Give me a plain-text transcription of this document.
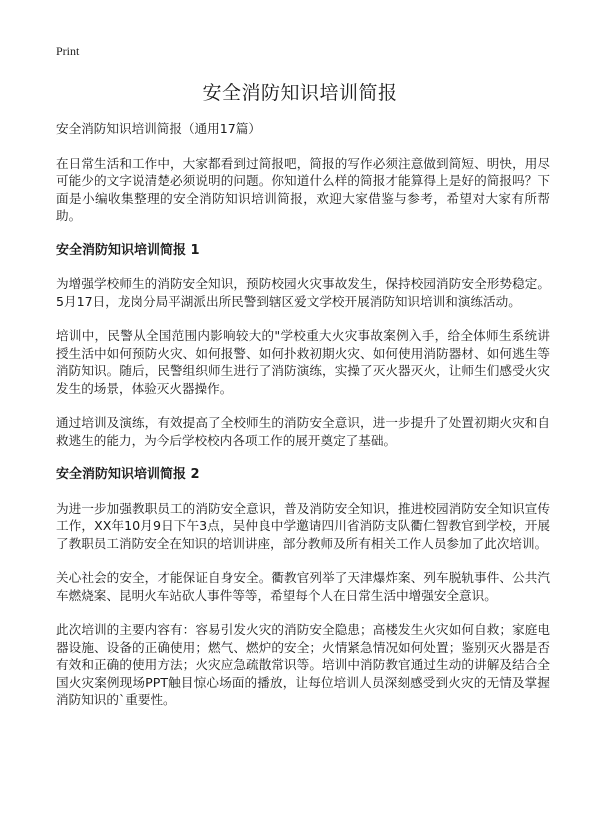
Print
安全消防知识培训简报

安全消防知识培训简报（通用17篇）

在日常生活和工作中，大家都看到过简报吧，简报的写作必须注意做到简短、明快，用尽可能少的文字说清楚必须说明的问题。你知道什么样的简报才能算得上是好的简报吗？下面是小编收集整理的安全消防知识培训简报，欢迎大家借鉴与参考，希望对大家有所帮助。

安全消防知识培训简报 1

为增强学校师生的消防安全知识，预防校园火灾事故发生，保持校园消防安全形势稳定。5月17日，龙岗分局平湖派出所民警到辖区爱文学校开展消防知识培训和演练活动。

培训中，民警从全国范围内影响较大的"学校重大火灾事故案例入手，给全体师生系统讲授生活中如何预防火灾、如何报警、如何扑救初期火灾、如何使用消防器材、如何逃生等消防知识。随后，民警组织师生进行了消防演练，实操了灭火器灭火，让师生们感受火灾发生的场景，体验灭火器操作。

通过培训及演练，有效提高了全校师生的消防安全意识，进一步提升了处置初期火灾和自救逃生的能力，为今后学校校内各项工作的展开奠定了基础。

安全消防知识培训简报 2

为进一步加强教职员工的消防安全意识，普及消防安全知识，推进校园消防安全知识宣传工作，XX年10月9日下午3点，吴仲良中学邀请四川省消防支队衢仁智教官到学校，开展了教职员工消防安全在知识的培训讲座，部分教师及所有相关工作人员参加了此次培训。

关心社会的安全，才能保证自身安全。衢教官列举了天津爆炸案、列车脱轨事件、公共汽车燃烧案、昆明火车站砍人事件等等，希望每个人在日常生活中增强安全意识。

此次培训的主要内容有：容易引发火灾的消防安全隐患；高楼发生火灾如何自救；家庭电器设施、设备的正确使用；燃气、燃炉的安全；火情紧急情况如何处置；鉴别灭火器是否有效和正确的使用方法；火灾应急疏散常识等。培训中消防教官通过生动的讲解及结合全国火灾案例现场PPT触目惊心场面的播放，让每位培训人员深刻感受到火灾的无情及掌握消防知识的`重要性。
